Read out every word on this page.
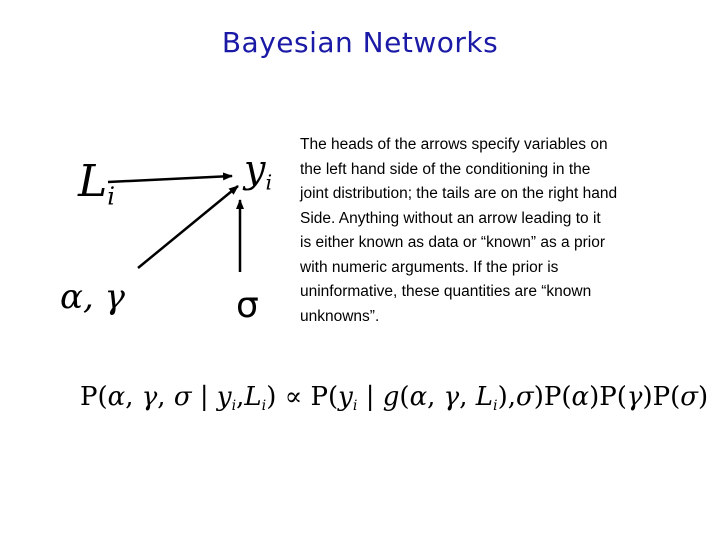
Bayesian Networks
$L_i$
$y_i$
α, γ	σ
The heads of the arrows specify variables on
the left hand side of the conditioning in the
joint distribution; the tails are on the right hand
Side. Anything without an arrow leading to it
is either known as data or “known” as a prior
with numeric arguments. If the prior is
uninformative, these quantities are “known
unknowns”.
P(α, γ, σ | $y_i,L_i) \propto P(y_i$ | g(α, γ, $L_i),\sigma)P(\alpha)P(\gamma)P(\sigma)$
